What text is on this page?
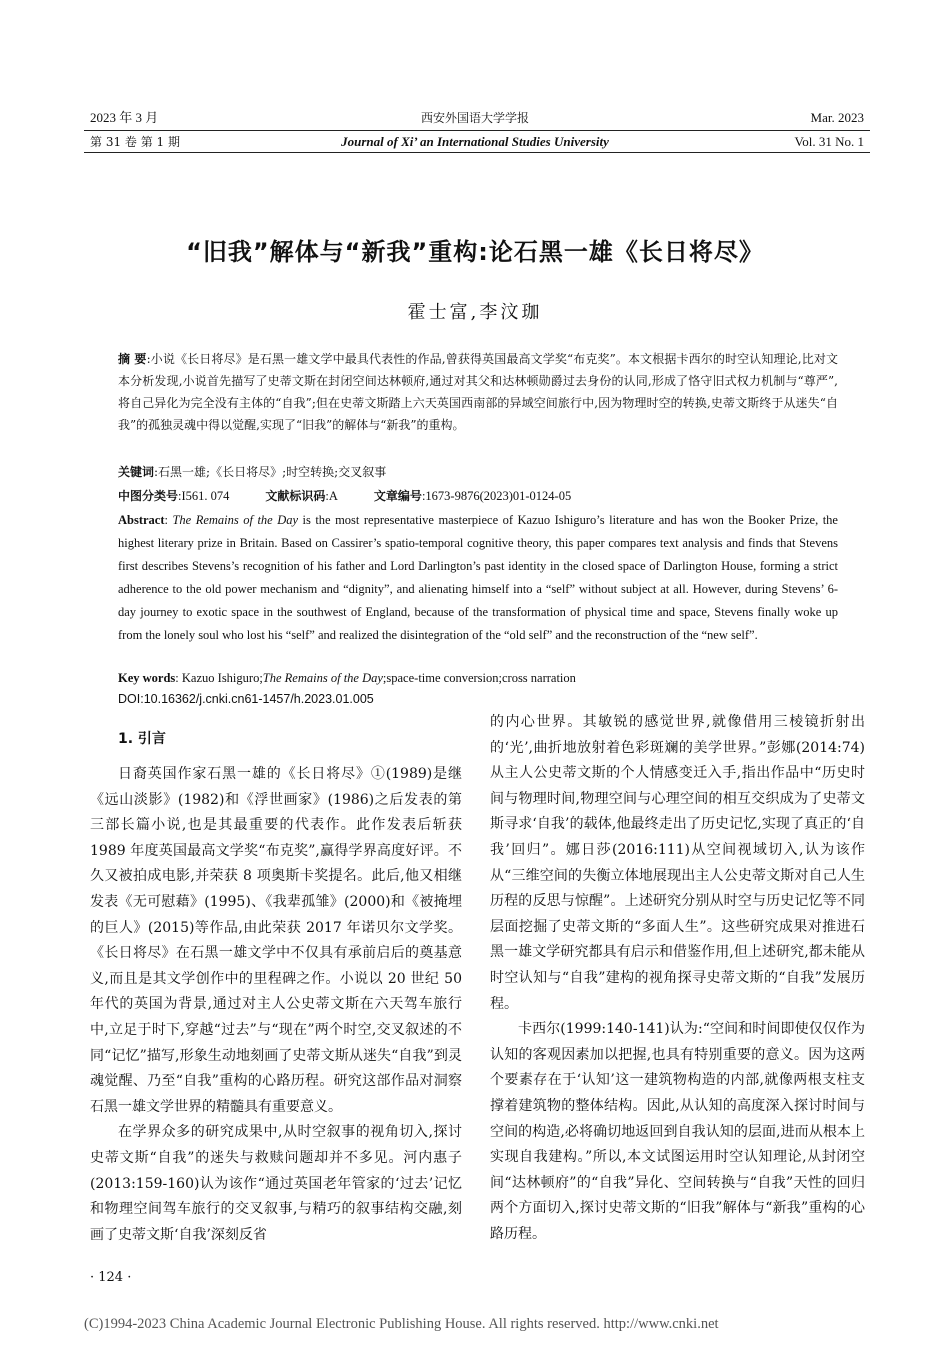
2023 年 3 月	西安外国语大学学报	Mar. 2023
第 31 卷 第 1 期	Journal of Xi’ an International Studies University	Vol. 31 No. 1
“旧我”解体与“新我”重构:论石黑一雄《长日将尽》
霍士富,李汶珈
摘 要:小说《长日将尽》是石黑一雄文学中最具代表性的作品,曾获得英国最高文学奖“布克奖”。本文根据卡西尔的时空认知理论,比对文本分析发现,小说首先描写了史蒂文斯在封闭空间达林顿府,通过对其父和达林顿勋爵过去身份的认同,形成了恪守旧式权力机制与“尊严”,将自己异化为完全没有主体的“自我”;但在史蒂文斯踏上六天英国西南部的异域空间旅行中,因为物理时空的转换,史蒂文斯终于从迷失“自我”的孤独灵魂中得以觉醒,实现了“旧我”的解体与“新我”的重构。
关键词:石黑一雄;《长日将尽》;时空转换;交叉叙事
中图分类号:I561. 074	文献标识码:A	文章编号:1673-9876(2023)01-0124-05
Abstract: The Remains of the Day is the most representative masterpiece of Kazuo Ishiguro’s literature and has won the Booker Prize, the highest literary prize in Britain. Based on Cassirer’s spatio-temporal cognitive theory, this paper compares text analysis and finds that Stevens first describes Stevens’s recognition of his father and Lord Darlington’s past identity in the closed space of Darlington House, forming a strict adherence to the old power mechanism and “dignity”, and alienating himself into a “self” without subject at all. However, during Stevens’ 6-day journey to exotic space in the southwest of England, because of the transformation of physical time and space, Stevens finally woke up from the lonely soul who lost his “self” and realized the disintegration of the “old self” and the reconstruction of the “new self”.
Key words: Kazuo Ishiguro;The Remains of the Day;space-time conversion;cross narration
DOI:10.16362/j.cnki.cn61-1457/h.2023.01.005
1. 引言

日裔英国作家石黑一雄的《长日将尽》①(1989)是继《远山淡影》(1982)和《浮世画家》(1986)之后发表的第三部长篇小说,也是其最重要的代表作。此作发表后斩获 1989 年度英国最高文学奖“布克奖”,赢得学界高度好评。不久又被拍成电影,并荣获 8 项奥斯卡奖提名。此后,他又相继发表《无可慰藉》(1995)、《我辈孤雏》(2000)和《被掩埋的巨人》(2015)等作品,由此荣获 2017 年诺贝尔文学奖。《长日将尽》在石黑一雄文学中不仅具有承前启后的奠基意义,而且是其文学创作中的里程碑之作。小说以 20 世纪 50 年代的英国为背景,通过对主人公史蒂文斯在六天驾车旅行中,立足于时下,穿越“过去”与“现在”两个时空,交叉叙述的不同“记忆”描写,形象生动地刻画了史蒂文斯从迷失“自我”到灵魂觉醒、乃至“自我”重构的心路历程。研究这部作品对洞察石黑一雄文学世界的精髓具有重要意义。

在学界众多的研究成果中,从时空叙事的视角切入,探讨史蒂文斯“自我”的迷失与救赎问题却并不多见。河内惠子(2013:159-160)认为该作“通过英国老年管家的‘过去’记忆和物理空间驾车旅行的交叉叙事,与精巧的叙事结构交融,刻画了史蒂文斯‘自我’深刻反省

的内心世界。其敏锐的感觉世界,就像借用三棱镜折射出的‘光’,曲折地放射着色彩斑斓的美学世界。”彭娜(2014:74)从主人公史蒂文斯的个人情感变迁入手,指出作品中“历史时间与物理时间,物理空间与心理空间的相互交织成为了史蒂文斯寻求‘自我’的载体,他最终走出了历史记忆,实现了真正的‘自我’回归”。娜日莎(2016:111)从空间视域切入,认为该作从“三维空间的失衡立体地展现出主人公史蒂文斯对自己人生历程的反思与惊醒”。上述研究分别从时空与历史记忆等不同层面挖掘了史蒂文斯的“多面人生”。这些研究成果对推进石黑一雄文学研究都具有启示和借鉴作用,但上述研究,都未能从时空认知与“自我”建构的视角探寻史蒂文斯的“自我”发展历程。

卡西尔(1999:140-141)认为:“空间和时间即使仅仅作为认知的客观因素加以把握,也具有特别重要的意义。因为这两个要素存在于‘认知’这一建筑物构造的内部,就像两根支柱支撑着建筑物的整体结构。因此,从认知的高度深入探讨时间与空间的构造,必将确切地返回到自我认知的层面,进而从根本上实现自我建构。”所以,本文试图运用时空认知理论,从封闭空间“达林顿府”的“自我”异化、空间转换与“自我”天性的回归两个方面切入,探讨史蒂文斯的“旧我”解体与“新我”重构的心路历程。

· 124 ·
(C)1994-2023 China Academic Journal Electronic Publishing House. All rights reserved. http://www.cnki.net
